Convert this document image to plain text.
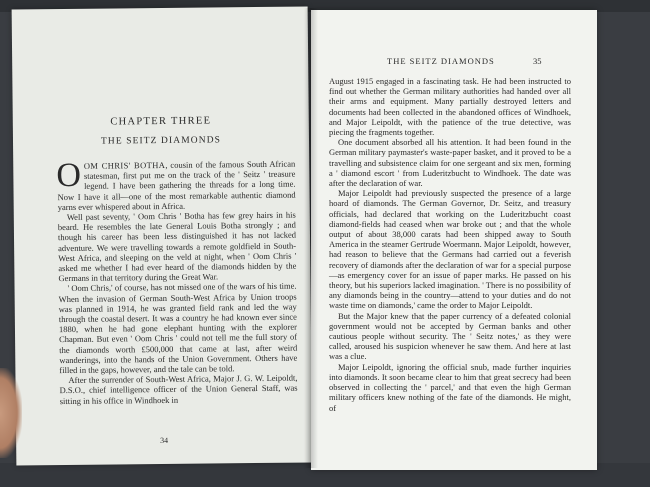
CHAPTER THREE
THE SEITZ DIAMONDS

OOM CHRIS' BOTHA, cousin of the famous South African statesman, first put me on the track of the ' Seitz ' treasure legend. I have been gathering the threads for a long time. Now I have it all—one of the most remarkable authentic diamond yarns ever whispered about in Africa.

Well past seventy, ' Oom Chris ' Botha has few grey hairs in his beard. He resembles the late General Louis Botha strongly ; and though his career has been less distinguished it has not lacked adventure. We were travelling towards a remote goldfield in South-West Africa, and sleeping on the veld at night, when ' Oom Chris ' asked me whether I had ever heard of the diamonds hidden by the Germans in that territory during the Great War.

' Oom Chris,' of course, has not missed one of the wars of his time. When the invasion of German South-West Africa by Union troops was planned in 1914, he was granted field rank and led the way through the coastal desert. It was a country he had known ever since 1880, when he had gone elephant hunting with the explorer Chapman. But even ' Oom Chris ' could not tell me the full story of the diamonds worth £500,000 that came at last, after weird wanderings, into the hands of the Union Government. Others have filled in the gaps, however, and the tale can be told.

After the surrender of South-West Africa, Major J. G. W. Leipoldt, D.S.O., chief intelligence officer of the Union General Staff, was sitting in his office in Windhoek in

34
THE SEITZ DIAMONDS	35

August 1915 engaged in a fascinating task. He had been instructed to find out whether the German military authorities had handed over all their arms and equipment. Many partially destroyed letters and documents had been collected in the abandoned offices of Windhoek, and Major Leipoldt, with the patience of the true detective, was piecing the fragments together.

One document absorbed all his attention. It had been found in the German military paymaster's waste-paper basket, and it proved to be a travelling and subsistence claim for one sergeant and six men, forming a ' diamond escort ' from Luderitzbucht to Windhoek. The date was after the declaration of war.

Major Leipoldt had previously suspected the presence of a large hoard of diamonds. The German Governor, Dr. Seitz, and treasury officials, had declared that working on the Luderitzbucht coast diamond-fields had ceased when war broke out ; and that the whole output of about 38,000 carats had been shipped away to South America in the steamer Gertrude Woermann. Major Leipoldt, however, had reason to believe that the Germans had carried out a feverish recovery of diamonds after the declaration of war for a special purpose—as emergency cover for an issue of paper marks. He passed on his theory, but his superiors lacked imagination. ' There is no possibility of any diamonds being in the country—attend to your duties and do not waste time on diamonds,' came the order to Major Leipoldt.

But the Major knew that the paper currency of a defeated colonial government would not be accepted by German banks and other cautious people without security. The ' Seitz notes,' as they were called, aroused his suspicion whenever he saw them. And here at last was a clue.

Major Leipoldt, ignoring the official snub, made further inquiries into diamonds. It soon became clear to him that great secrecy had been observed in collecting the ' parcel,' and that even the high German military officers knew nothing of the fate of the diamonds. He might, of
